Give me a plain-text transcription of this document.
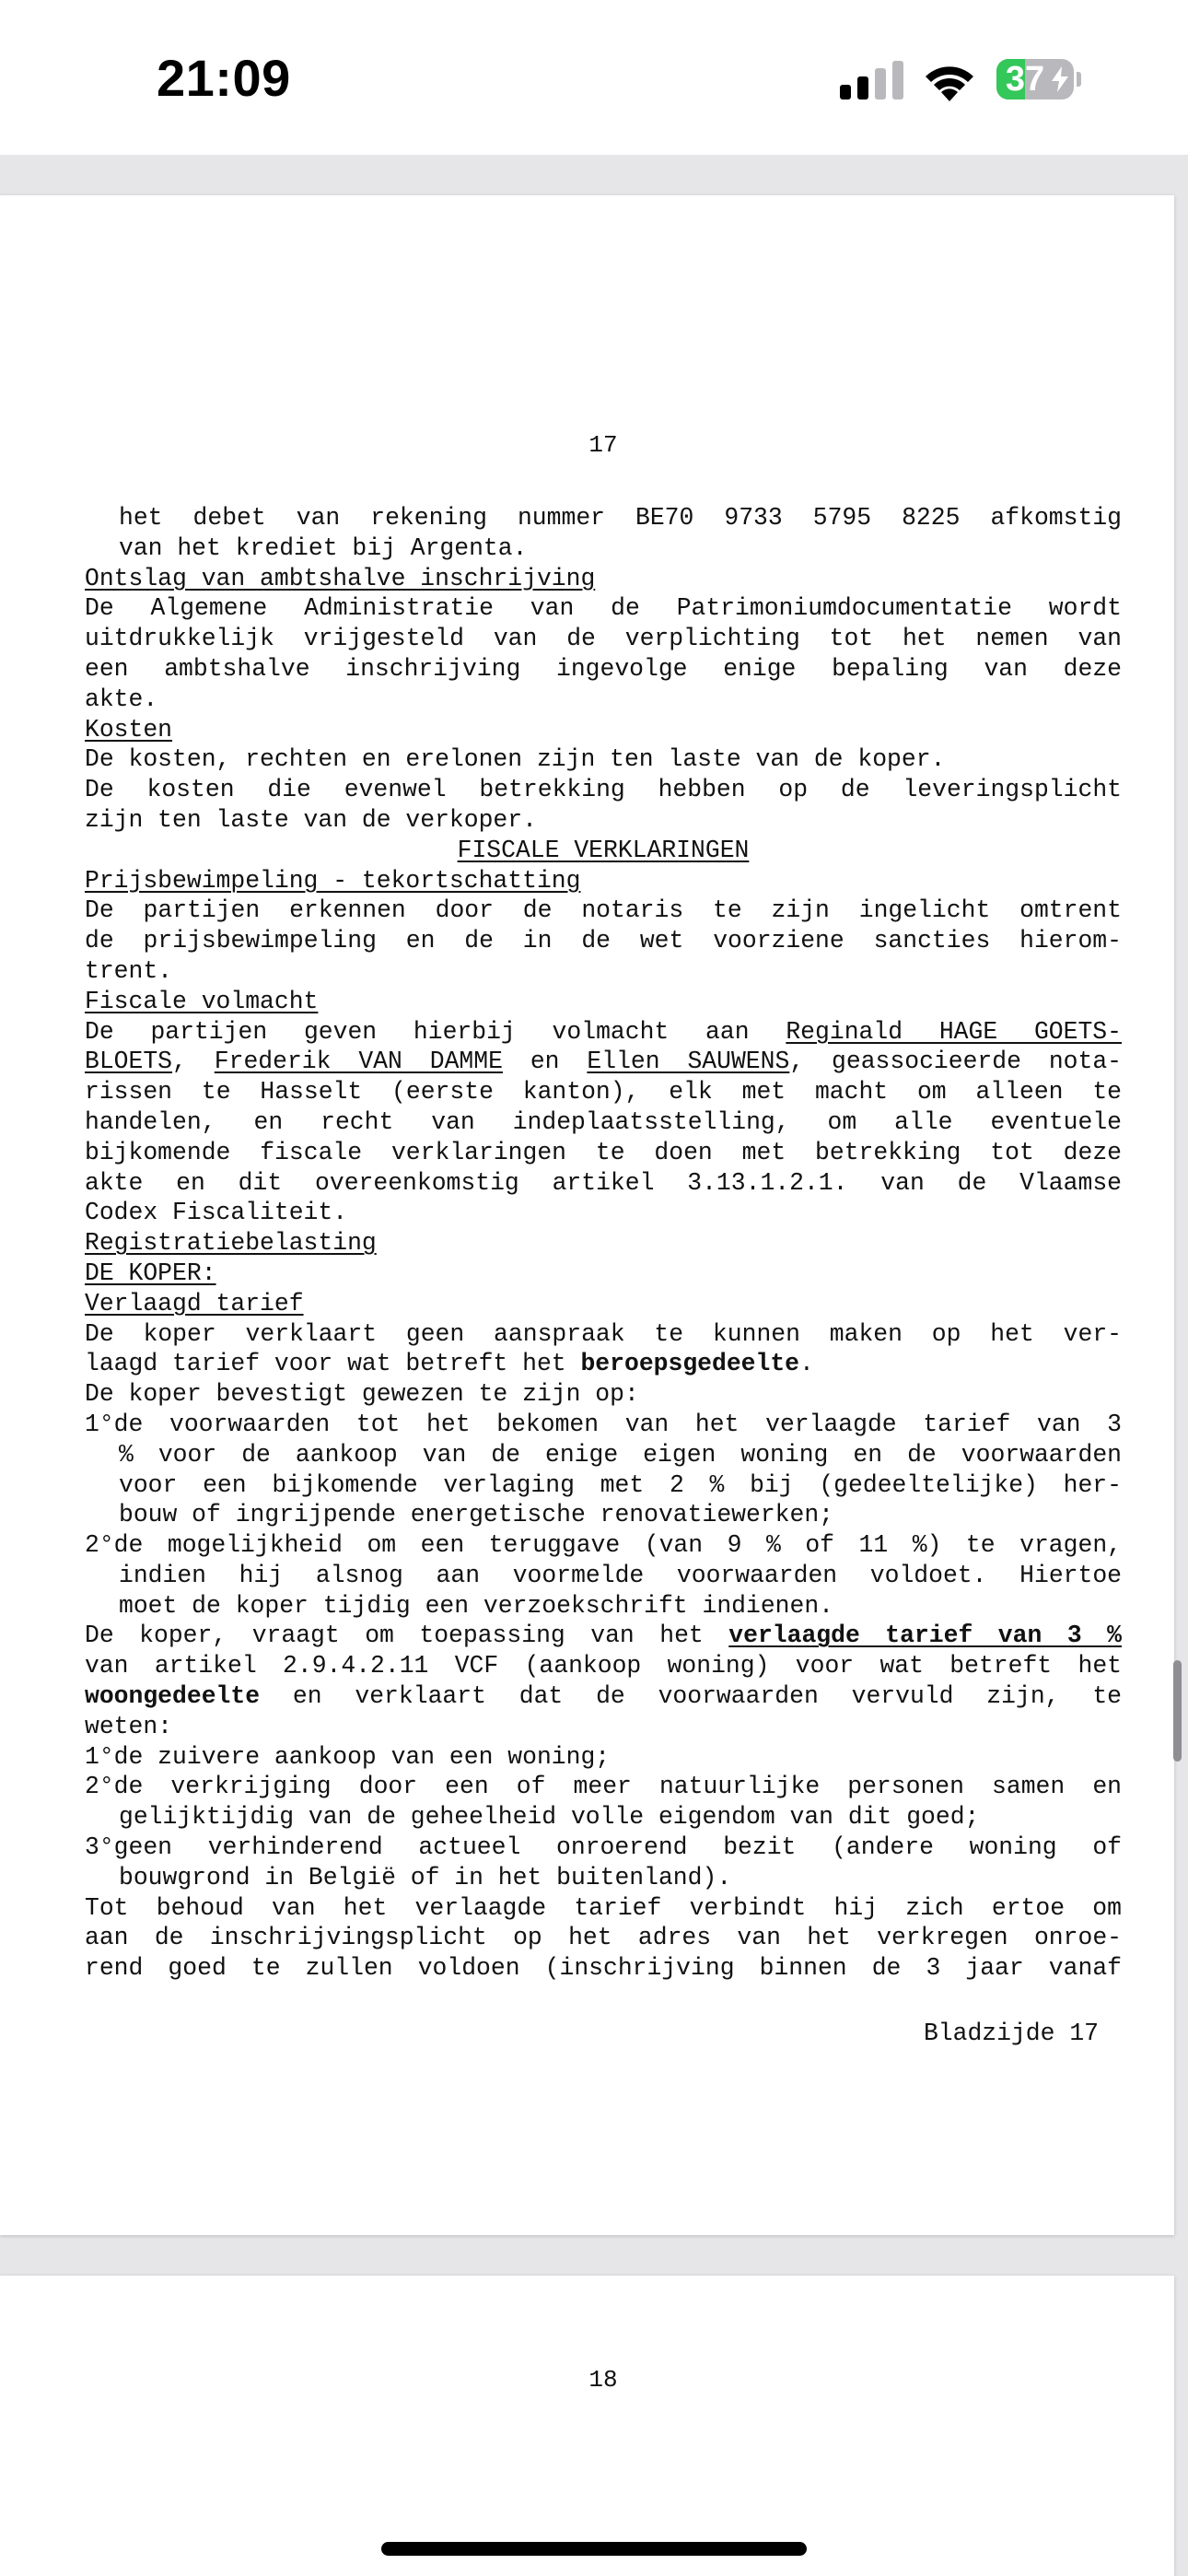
21:09	37
17
het debet van rekening nummer BE70 9733 5795 8225 afkomstig
van het krediet bij Argenta.
Ontslag van ambtshalve inschrijving
De Algemene Administratie van de Patrimoniumdocumentatie wordt
uitdrukkelijk vrijgesteld van de verplichting tot het nemen van
een ambtshalve inschrijving ingevolge enige bepaling van deze
akte.
Kosten
De kosten, rechten en erelonen zijn ten laste van de koper.
De kosten die evenwel betrekking hebben op de leveringsplicht
zijn ten laste van de verkoper.
FISCALE VERKLARINGEN
Prijsbewimpeling - tekortschatting
De partijen erkennen door de notaris te zijn ingelicht omtrent
de prijsbewimpeling en de in de wet voorziene sancties hierom-
trent.
Fiscale volmacht
De partijen geven hierbij volmacht aan Reginald HAGE GOETS-
BLOETS, Frederik VAN DAMME en Ellen SAUWENS, geassocieerde nota-
rissen te Hasselt (eerste kanton), elk met macht om alleen te
handelen, en recht van indeplaatsstelling, om alle eventuele
bijkomende fiscale verklaringen te doen met betrekking tot deze
akte en dit overeenkomstig artikel 3.13.1.2.1. van de Vlaamse
Codex Fiscaliteit.
Registratiebelasting
DE KOPER:
Verlaagd tarief
De koper verklaart geen aanspraak te kunnen maken op het ver-
laagd tarief voor wat betreft het beroepsgedeelte.
De koper bevestigt gewezen te zijn op:
1°de voorwaarden tot het bekomen van het verlaagde tarief van 3
% voor de aankoop van de enige eigen woning en de voorwaarden
voor een bijkomende verlaging met 2 % bij (gedeeltelijke) her-
bouw of ingrijpende energetische renovatiewerken;
2°de mogelijkheid om een teruggave (van 9 % of 11 %) te vragen,
indien hij alsnog aan voormelde voorwaarden voldoet. Hiertoe
moet de koper tijdig een verzoekschrift indienen.
De koper, vraagt om toepassing van het verlaagde tarief van 3 %
van artikel 2.9.4.2.11 VCF (aankoop woning) voor wat betreft het
woongedeelte en verklaart dat de voorwaarden vervuld zijn, te
weten:
1°de zuivere aankoop van een woning;
2°de verkrijging door een of meer natuurlijke personen samen en
gelijktijdig van de geheelheid volle eigendom van dit goed;
3°geen verhinderend actueel onroerend bezit (andere woning of
bouwgrond in België of in het buitenland).
Tot behoud van het verlaagde tarief verbindt hij zich ertoe om
aan de inschrijvingsplicht op het adres van het verkregen onroe-
rend goed te zullen voldoen (inschrijving binnen de 3 jaar vanaf
Bladzijde 17
18
